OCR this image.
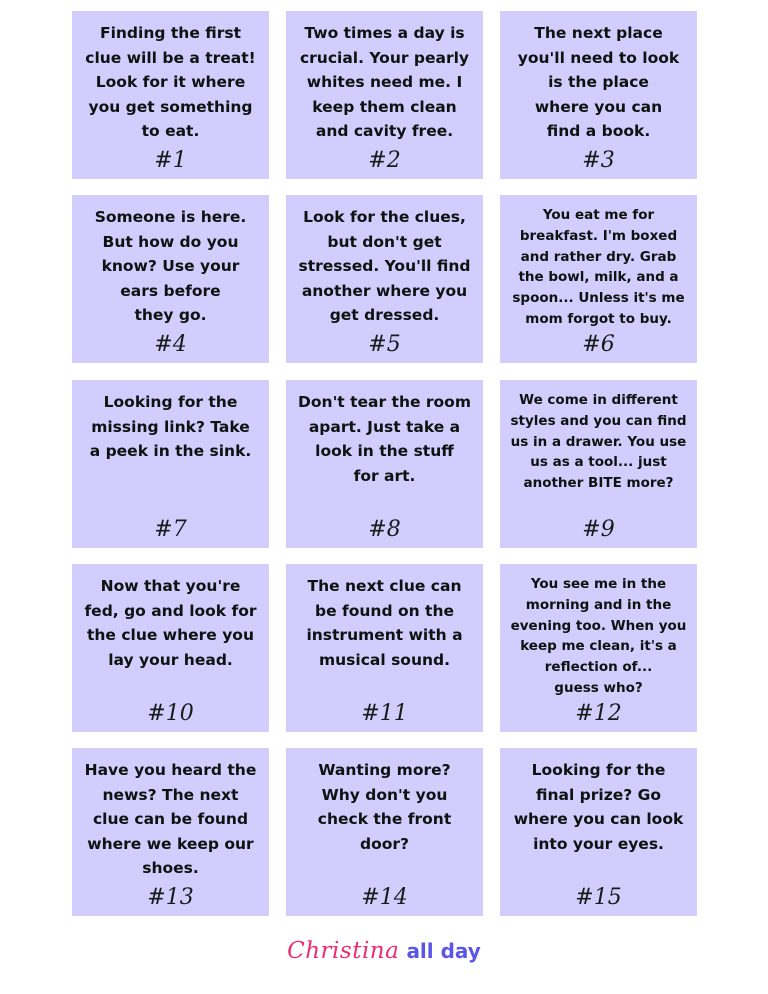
Finding the first
clue will be a treat!
Look for it where
you get something
to eat.

#1

Two times a day is
crucial. Your pearly
whites need me. I
keep them clean
and cavity free.

#2

The next place
you'll need to look
is the place
where you can
find a book.

#3

Someone is here.
But how do you
know? Use your
ears before
they go.

#4

Look for the clues,
but don't get
stressed. You'll find
another where you
get dressed.

#5

You eat me for
breakfast. I'm boxed
and rather dry. Grab
the bowl, milk, and a
spoon... Unless it's me
mom forgot to buy.

#6

Looking for the
missing link? Take
a peek in the sink.

#7

Don't tear the room
apart. Just take a
look in the stuff
for art.

#8

We come in different
styles and you can find
us in a drawer. You use
us as a tool... just
another BITE more?

#9

Now that you're
fed, go and look for
the clue where you
lay your head.

#10

The next clue can
be found on the
instrument with a
musical sound.

#11

You see me in the
morning and in the
evening too. When you
keep me clean, it's a
reflection of...
guess who?

#12

Have you heard the
news? The next
clue can be found
where we keep our
shoes.

#13

Wanting more?
Why don't you
check the front
door?

#14

Looking for the
final prize? Go
where you can look
into your eyes.

#15
Christina all day
